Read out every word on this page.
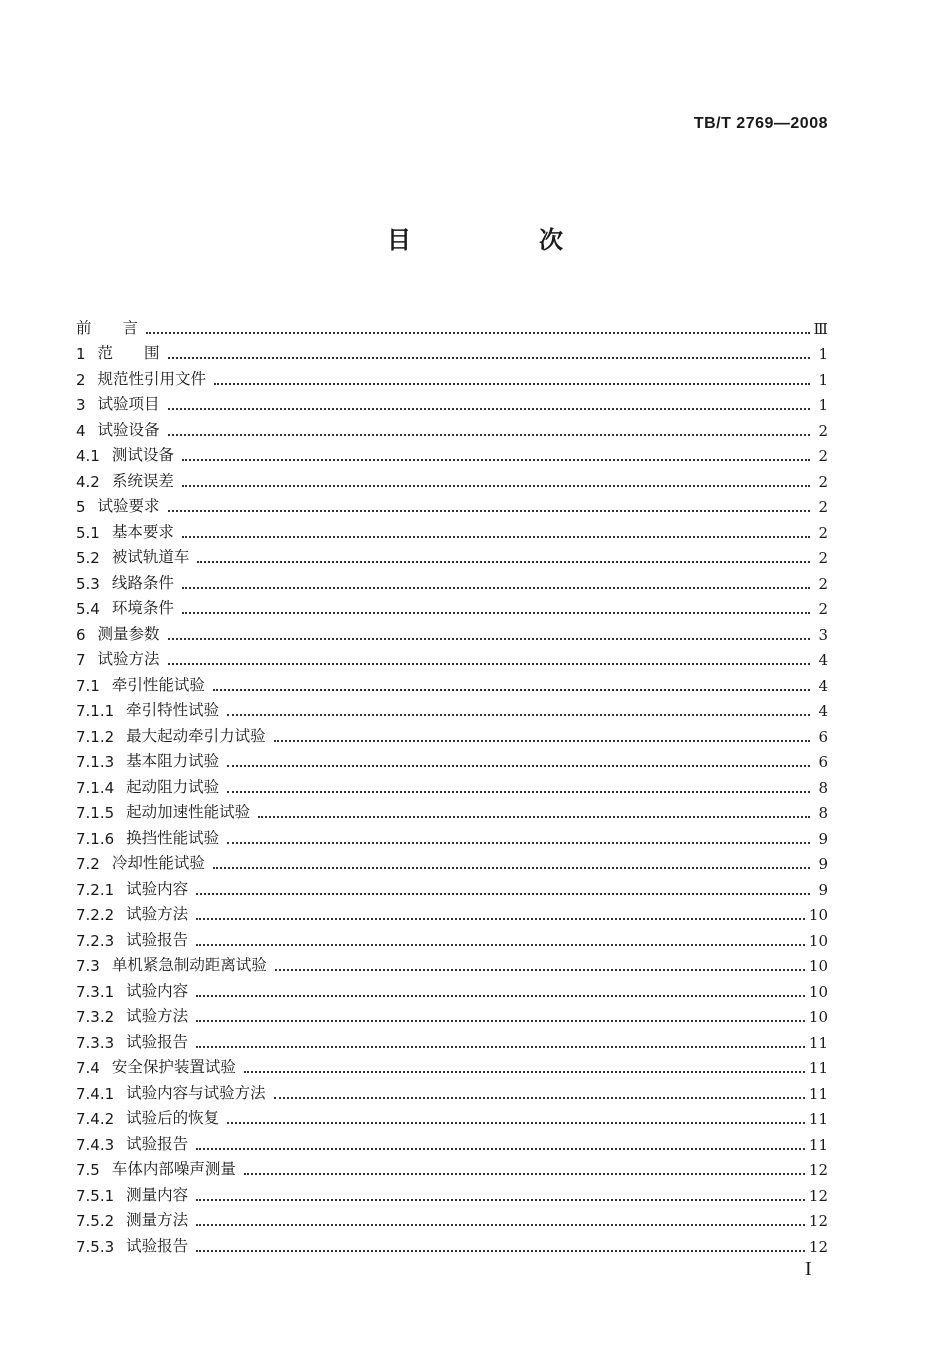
TB/T 2769—2008
目　次
前　　言	Ⅲ
1 范　　围	1
2 规范性引用文件	1
3 试验项目	1
4 试验设备	2
4.1 测试设备	2
4.2 系统误差	2
5 试验要求	2
5.1 基本要求	2
5.2 被试轨道车	2
5.3 线路条件	2
5.4 环境条件	2
6 测量参数	3
7 试验方法	4
7.1 牵引性能试验	4
7.1.1 牵引特性试验	4
7.1.2 最大起动牵引力试验	6
7.1.3 基本阻力试验	6
7.1.4 起动阻力试验	8
7.1.5 起动加速性能试验	8
7.1.6 换挡性能试验	9
7.2 冷却性能试验	9
7.2.1 试验内容	9
7.2.2 试验方法	10
7.2.3 试验报告	10
7.3 单机紧急制动距离试验	10
7.3.1 试验内容	10
7.3.2 试验方法	10
7.3.3 试验报告	11
7.4 安全保护装置试验	11
7.4.1 试验内容与试验方法	11
7.4.2 试验后的恢复	11
7.4.3 试验报告	11
7.5 车体内部噪声测量	12
7.5.1 测量内容	12
7.5.2 测量方法	12
7.5.3 试验报告	12
I
